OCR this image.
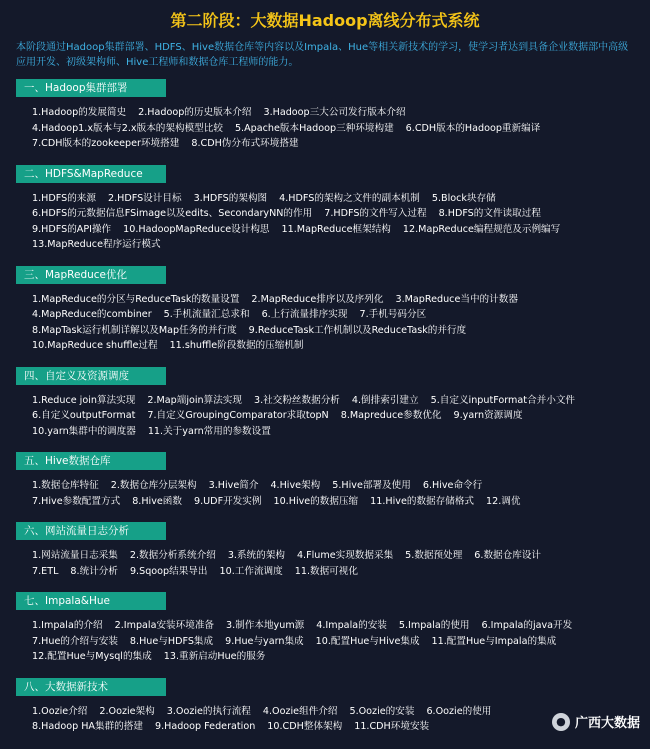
第二阶段：大数据Hadoop离线分布式系统
本阶段通过Hadoop集群部署、HDFS、Hive数据仓库等内容以及Impala、Hue等相关新技术的学习，使学习者达到具备企业数据部中高级应用开发、初级架构师、Hive工程师和数据仓库工程师的能力。
一、Hadoop集群部署
1.Hadoop的发展简史 2.Hadoop的历史版本介绍 3.Hadoop三大公司发行版本介绍
4.Hadoop1.x版本与2.x版本的架构模型比较 5.Apache版本Hadoop三种环境构建 6.CDH版本的Hadoop重新编译
7.CDH版本的zookeeper环境搭建 8.CDH伪分布式环境搭建
二、HDFS&MapReduce
1.HDFS的来源 2.HDFS设计目标 3.HDFS的架构图 4.HDFS的架构之文件的副本机制 5.Block块存储
6.HDFS的元数据信息FSimage以及edits、SecondaryNN的作用 7.HDFS的文件写入过程 8.HDFS的文件读取过程
9.HDFS的API操作 10.HadoopMapReduce设计构思 11.MapReduce框架结构 12.MapReduce编程规范及示例编写
13.MapReduce程序运行模式
三、MapReduce优化
1.MapReduce的分区与ReduceTask的数量设置 2.MapReduce排序以及序列化 3.MapReduce当中的计数器
4.MapReduce的combiner 5.手机流量汇总求和 6.上行流量排序实现 7.手机号码分区
8.MapTask运行机制详解以及Map任务的并行度 9.ReduceTask工作机制以及ReduceTask的并行度
10.MapReduce shuffle过程 11.shuffle阶段数据的压缩机制
四、自定义及资源调度
1.Reduce join算法实现 2.Map端join算法实现 3.社交粉丝数据分析 4.倒排索引建立 5.自定义inputFormat合并小文件
6.自定义outputFormat 7.自定义GroupingComparator求取topN 8.Mapreduce参数优化 9.yarn资源调度
10.yarn集群中的调度器 11.关于yarn常用的参数设置
五、Hive数据仓库
1.数据仓库特征 2.数据仓库分层架构 3.Hive简介 4.Hive架构 5.Hive部署及使用 6.Hive命令行
7.Hive参数配置方式 8.Hive函数 9.UDF开发实例 10.Hive的数据压缩 11.Hive的数据存储格式 12.调优
六、网站流量日志分析
1.网站流量日志采集 2.数据分析系统介绍 3.系统的架构 4.Flume实现数据采集 5.数据预处理 6.数据仓库设计
7.ETL 8.统计分析 9.Sqoop结果导出 10.工作流调度 11.数据可视化
七、Impala&Hue
1.Impala的介绍 2.Impala安装环境准备 3.制作本地yum源 4.Impala的安装 5.Impala的使用 6.Impala的java开发
7.Hue的介绍与安装 8.Hue与HDFS集成 9.Hue与yarn集成 10.配置Hue与Hive集成 11.配置Hue与Impala的集成
12.配置Hue与Mysql的集成 13.重新启动Hue的服务
八、大数据新技术
1.Oozie介绍 2.Oozie架构 3.Oozie的执行流程 4.Oozie组件介绍 5.Oozie的安装 6.Oozie的使用
8.Hadoop HA集群的搭建 9.Hadoop Federation 10.CDH整体架构 11.CDH环境安装	● 广西大数据
